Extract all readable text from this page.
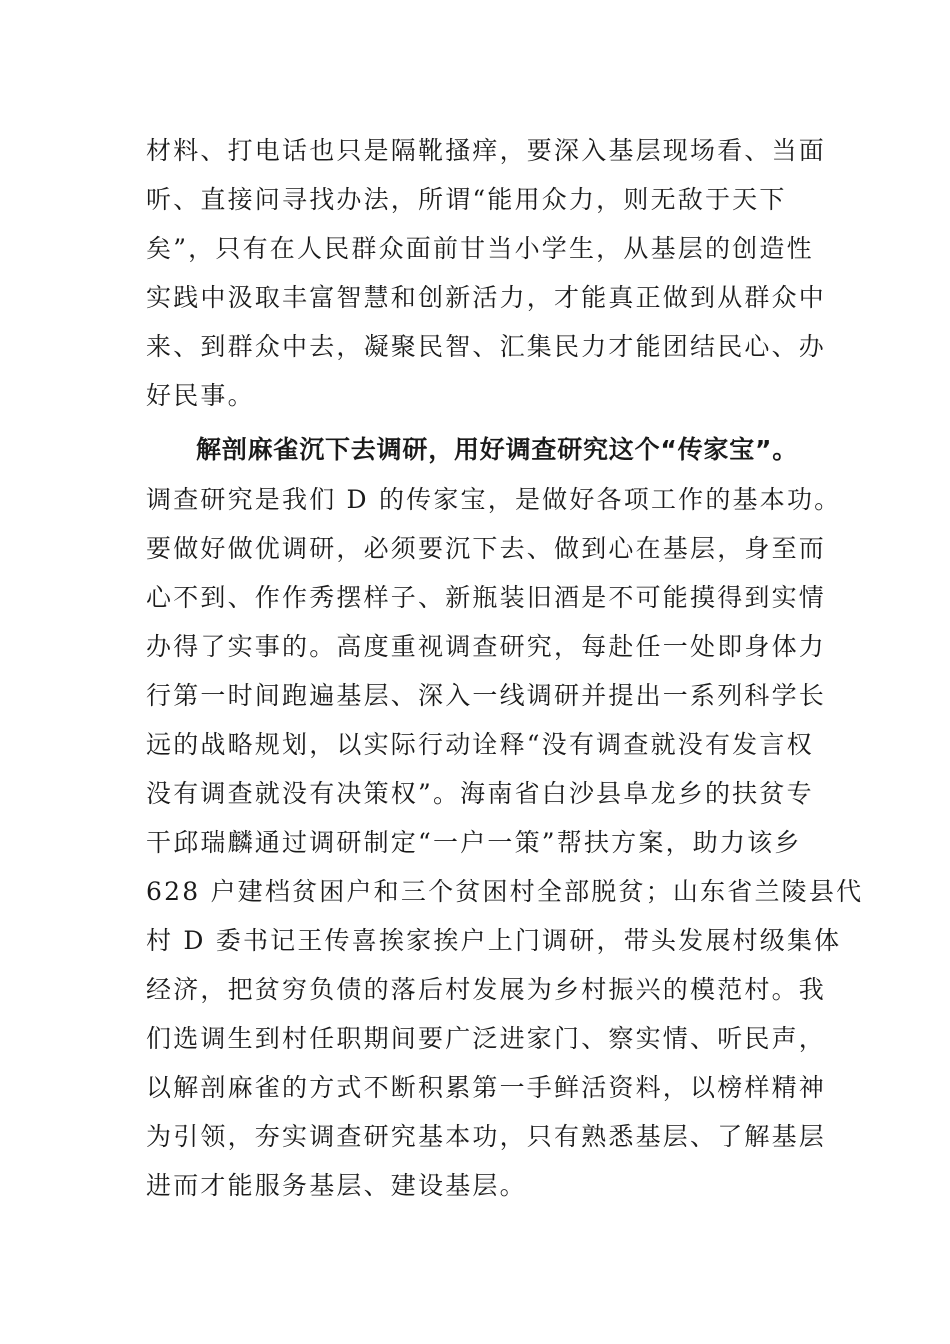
材料、打电话也只是隔靴搔痒，要深入基层现场看、当面
听、直接问寻找办法，所谓“能用众力，则无敌于天下
矣”，只有在人民群众面前甘当小学生，从基层的创造性
实践中汲取丰富智慧和创新活力，才能真正做到从群众中
来、到群众中去，凝聚民智、汇集民力才能团结民心、办
好民事。
解剖麻雀沉下去调研，用好调查研究这个“传家宝”。
调查研究是我们 D 的传家宝，是做好各项工作的基本功。
要做好做优调研，必须要沉下去、做到心在基层，身至而
心不到、作作秀摆样子、新瓶装旧酒是不可能摸得到实情
办得了实事的。高度重视调查研究，每赴任一处即身体力
行第一时间跑遍基层、深入一线调研并提出一系列科学长
远的战略规划，以实际行动诠释“没有调查就没有发言权
没有调查就没有决策权”。海南省白沙县阜龙乡的扶贫专
干邱瑞麟通过调研制定“一户一策”帮扶方案，助力该乡
628 户建档贫困户和三个贫困村全部脱贫；山东省兰陵县代
村 D 委书记王传喜挨家挨户上门调研，带头发展村级集体
经济，把贫穷负债的落后村发展为乡村振兴的模范村。我
们选调生到村任职期间要广泛进家门、察实情、听民声，
以解剖麻雀的方式不断积累第一手鲜活资料，以榜样精神
为引领，夯实调查研究基本功，只有熟悉基层、了解基层
进而才能服务基层、建设基层。
